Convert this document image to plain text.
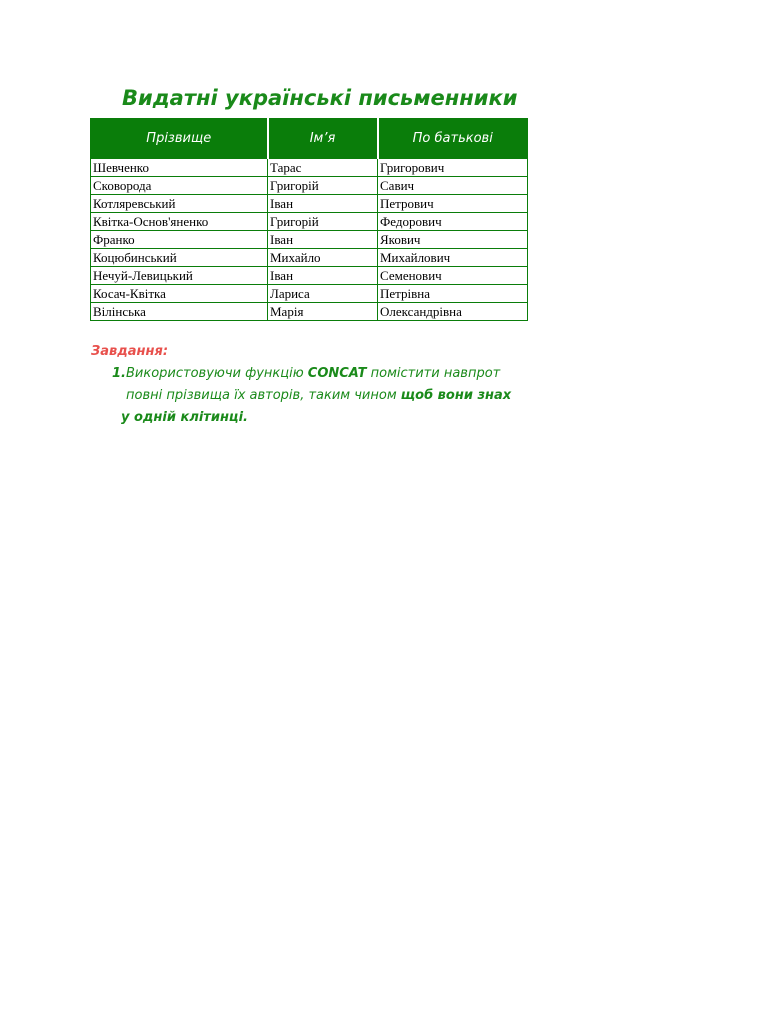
Видатні українські письменники
Прізвище	Ім’я	По батькові
Шевченко	Тарас	Григорович
Сковорода	Григорій	Савич
Котляревський	Іван	Петрович
Квітка-Основ'яненко	Григорій	Федорович
Франко	Іван	Якович
Коцюбинський	Михайло	Михайлович
Нечуй-Левицький	Іван	Семенович
Косач-Квітка	Лариса	Петрівна
Вілінська	Марія	Олександрівна
Завдання:
1.Використовуючи функцію CONCAT помістити навпрот
повні прізвища їх авторів, таким чином щоб вони знах
у одній клітинці.
